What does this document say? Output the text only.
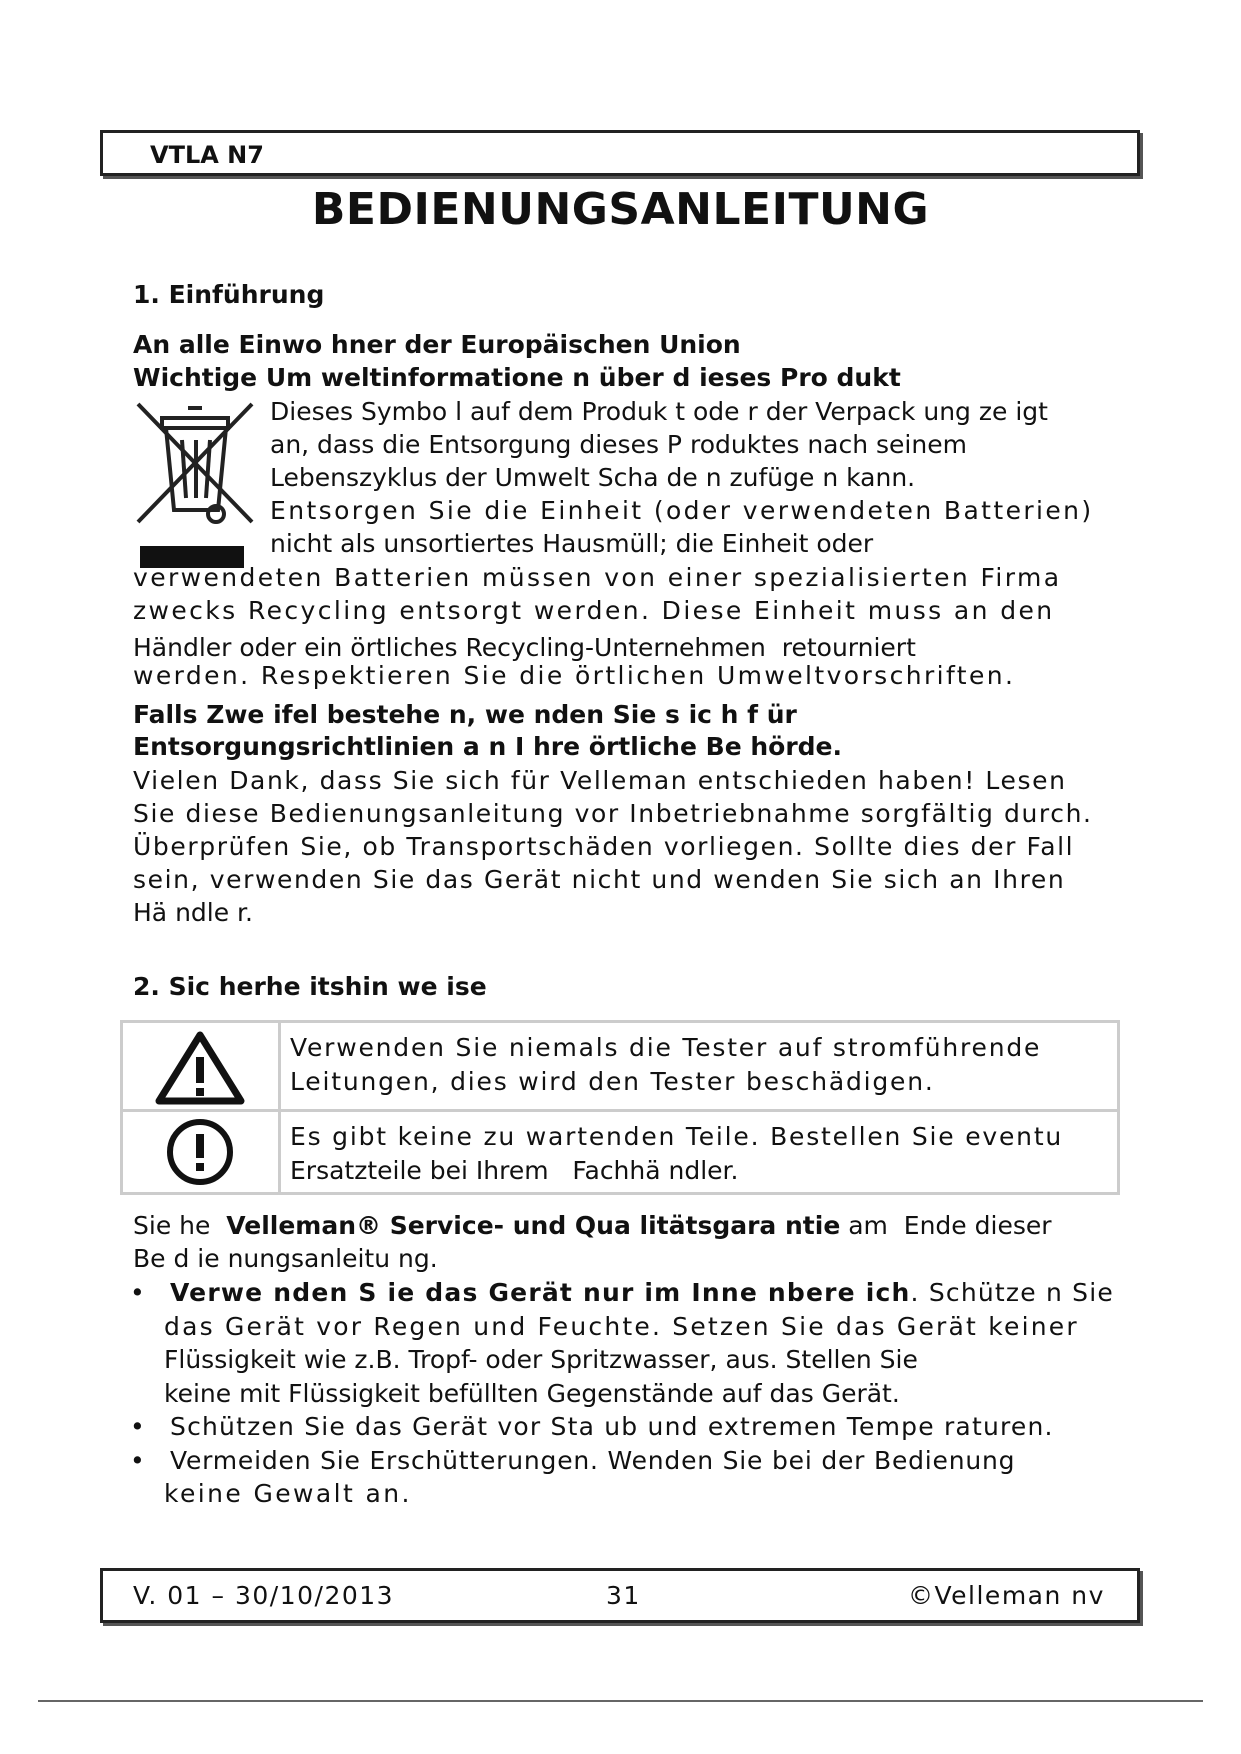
VTLA N7
BEDIENUNGSANLEITUNG
1. Einführung
An alle Einwo hner der Europäischen Union
Wichtige Um weltinformatione n über d ieses Pro dukt
Dieses Symbo l auf dem Produk t ode r der Verpack ung ze igt
an, dass die Entsorgung dieses P roduktes nach seinem
Lebenszyklus der Umwelt Scha de n zufüge n kann.
Entsorgen Sie die Einheit (oder verwendeten Batterien)
nicht als unsortiertes Hausmüll; die Einheit oder
verwendeten Batterien müssen von einer spezialisierten Firma
zwecks Recycling entsorgt werden. Diese Einheit muss an den
Händler oder ein örtliches Recycling-Unternehmen  retourniert
werden. Respektieren Sie die örtlichen Umweltvorschriften.
Falls Zwe ifel bestehe n, we nden Sie s ic h f ür
Entsorgungsrichtlinien a n I hre örtliche Be hörde.
Vielen Dank, dass Sie sich für Velleman entschieden haben! Lesen
Sie diese Bedienungsanleitung vor Inbetriebnahme sorgfältig durch.
Überprüfen Sie, ob Transportschäden vorliegen. Sollte dies der Fall
sein, verwenden Sie das Gerät nicht und wenden Sie sich an Ihren
Hä ndle r.
2. Sic herhe itshin we ise
Verwenden Sie niemals die Tester auf stromführende
Leitungen, dies wird den Tester beschädigen.
Es gibt keine zu wartenden Teile. Bestellen Sie eventu
Ersatzteile bei Ihrem   Fachhä ndler.
Sie he  Velleman® Service- und Qua litätsgara ntie am  Ende dieser
Be d ie nungsanleitu ng.
• Verwe nden S ie das Gerät nur im Inne nbere ich. Schütze n Sie
das Gerät vor Regen und Feuchte. Setzen Sie das Gerät keiner
Flüssigkeit wie z.B. Tropf- oder Spritzwasser, aus. Stellen Sie
keine mit Flüssigkeit befüllten Gegenstände auf das Gerät.
• Schützen Sie das Gerät vor Sta ub und extremen Tempe raturen.
• Vermeiden Sie Erschütterungen. Wenden Sie bei der Bedienung
keine Gewalt an.
V. 01 – 30/10/2013	31	©Velleman nv
